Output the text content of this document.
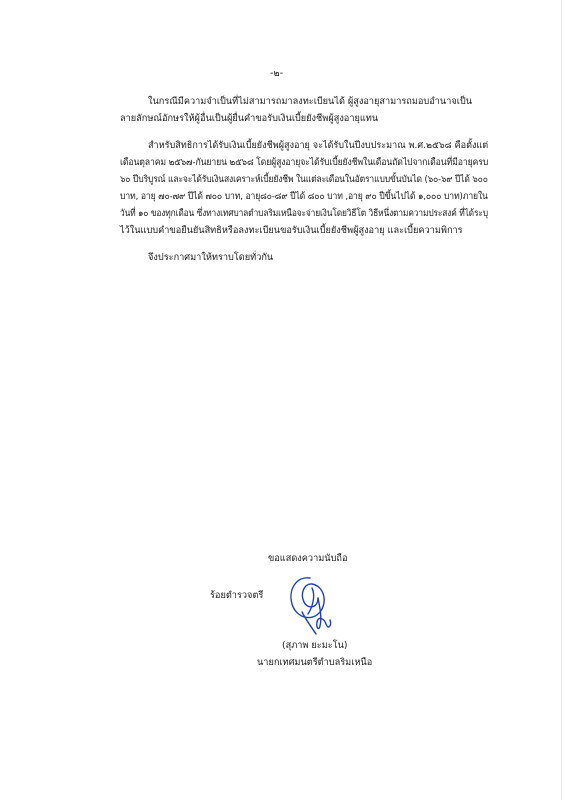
-๒-
ในกรณีมีความจำเป็นที่ไม่สามารถมาลงทะเบียนได้ ผู้สูงอายุสามารถมอบอำนาจเป็น
ลายลักษณ์อักษรให้ผู้อื่นเป็นผู้ยื่นคำขอรับเงินเบี้ยยังชีพผู้สูงอายุแทน
สำหรับสิทธิการได้รับเงินเบี้ยยังชีพผู้สูงอายุ จะได้รับในปีงบประมาณ พ.ศ.๒๕๖๘ คือตั้งแต่
เดือนตุลาคม ๒๕๖๗-กันยายน ๒๕๖๘ โดยผู้สูงอายุจะได้รับเบี้ยยังชีพในเดือนถัดไปจากเดือนที่มีอายุครบ
๖๐ ปีบริบูรณ์ และจะได้รับเงินสงเคราะห์เบี้ยยังชีพ ในแต่ละเดือนในอัตราแบบขั้นบันได (๖๐-๖๙ ปีได้ ๖๐๐
บาท, อายุ ๗๐-๗๙ ปีได้ ๗๐๐ บาท, อายุ๘๐-๘๙ ปีได้ ๘๐๐ บาท ,อายุ ๙๐ ปีขึ้นไปได้ ๑,๐๐๐ บาท)ภายใน
วันที่ ๑๐ ของทุกเดือน ซึ่งทางเทศบาลตำบลริมเหนือจะจ่ายเงินโดยวิธีโต วิธีหนึ่งตามความประสงค์ ที่ได้ระบุ
ไว้ในแบบคำขอยืนยันสิทธิหรือลงทะเบียนขอรับเงินเบี้ยยังชีพผู้สูงอายุ และเบี้ยความพิการ
จึงประกาศมาให้ทราบโดยทั่วกัน
ขอแสดงความนับถือ
ร้อยตำรวจตรี
(สุภาพ ยะมะโน)
นายกเทศมนตรีตำบลริมเหนือ
